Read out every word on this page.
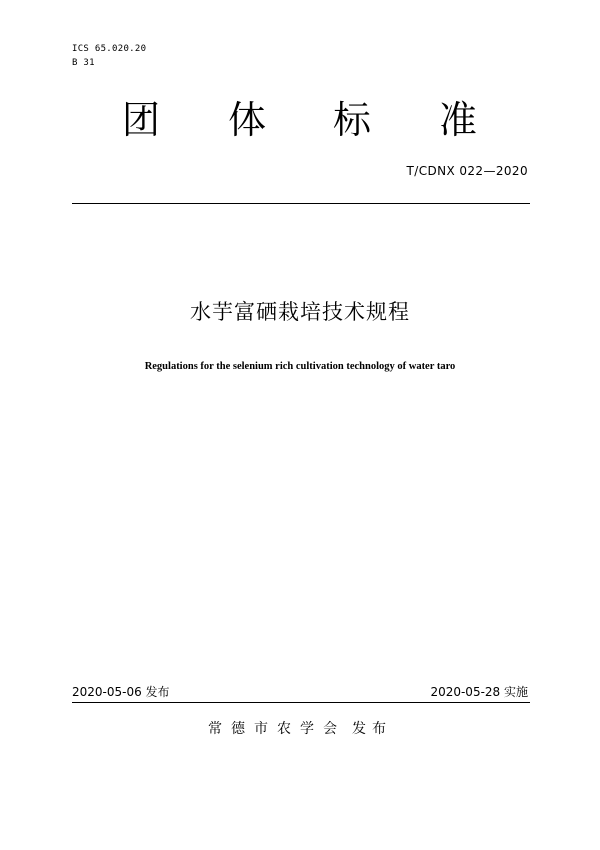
ICS 65.020.20
B 31
团 体 标 准
T/CDNX 022—2020
水芋富硒栽培技术规程
Regulations for the selenium rich cultivation technology of water taro
2020-05-06 发布	2020-05-28 实施
常德市农学会 发布
